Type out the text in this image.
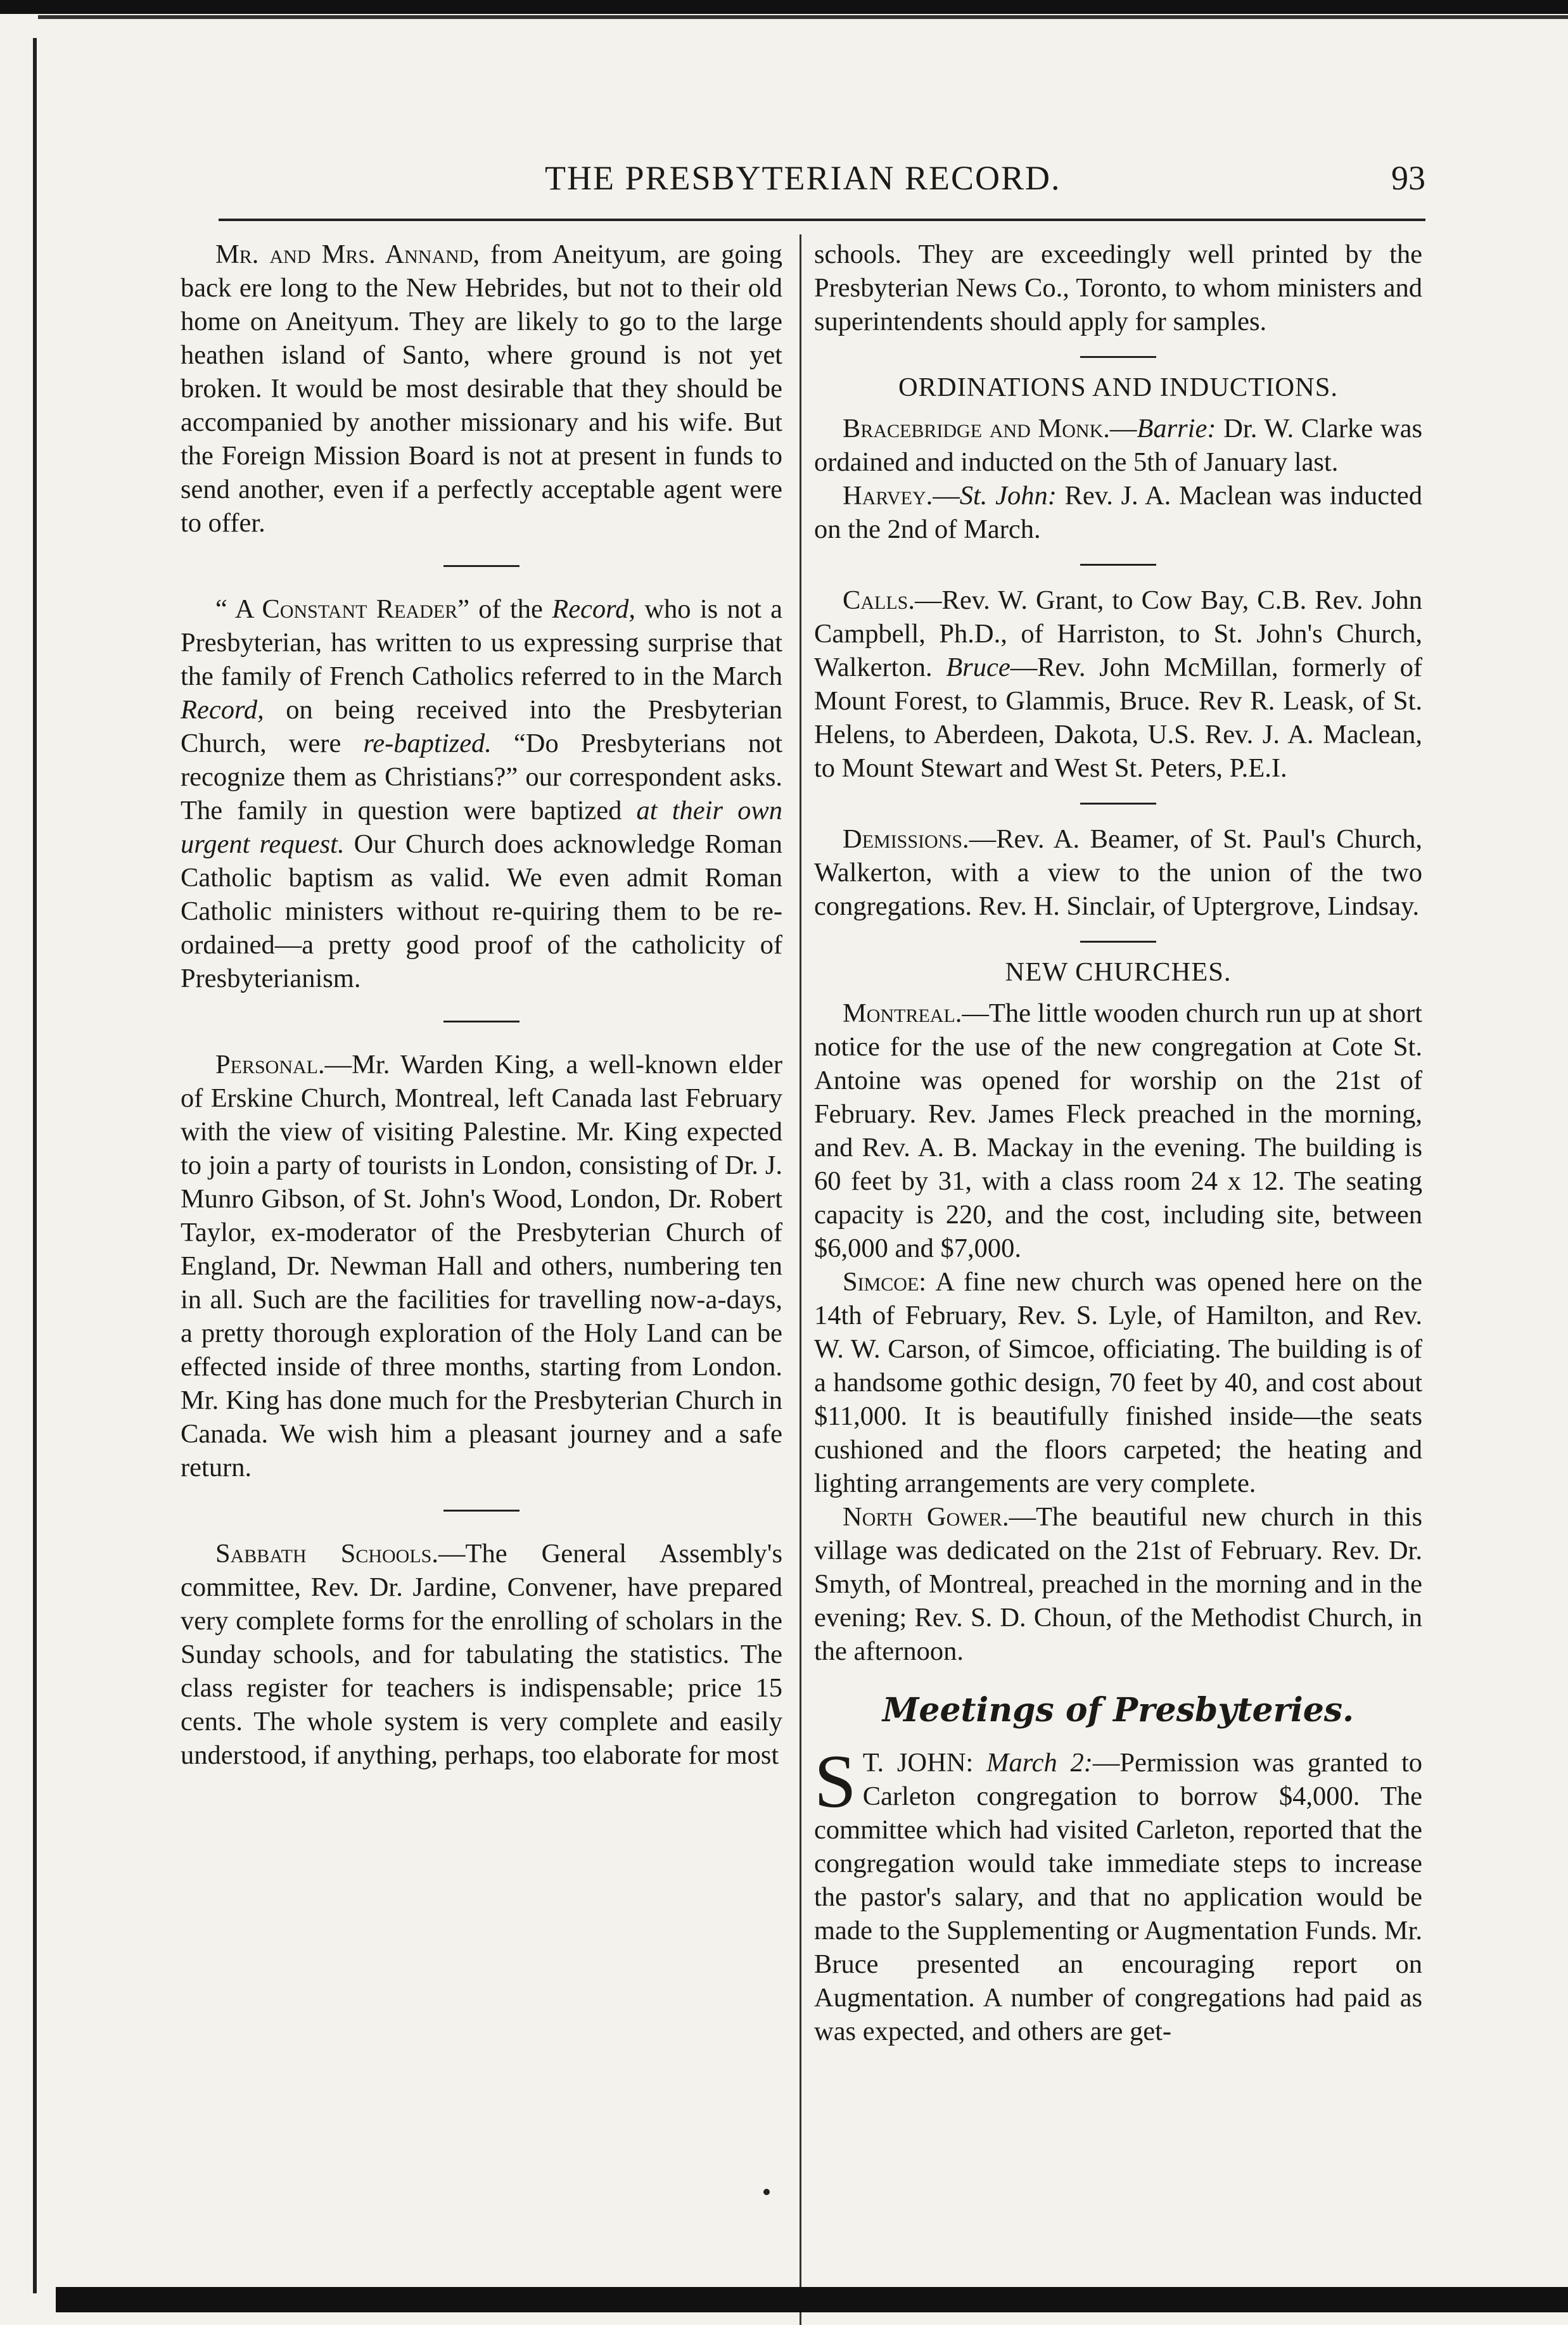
THE PRESBYTERIAN RECORD.	93

Mr. and Mrs. Annand, from Aneityum, are going back ere long to the New Hebrides, but not to their old home on Aneityum. They are likely to go to the large heathen island of Santo, where ground is not yet broken. It would be most desirable that they should be accompanied by another missionary and his wife. But the Foreign Mission Board is not at present in funds to send another, even if a perfectly acceptable agent were to offer.

“ A Constant Reader” of the Record, who is not a Presbyterian, has written to us expressing surprise that the family of French Catholics referred to in the March Record, on being received into the Presbyterian Church, were re-baptized. “Do Presbyterians not recognize them as Christians?” our correspondent asks. The family in question were baptized at their own urgent request. Our Church does acknowledge Roman Catholic baptism as valid. We even admit Roman Catholic ministers without re-quiring them to be re-ordained—a pretty good proof of the catholicity of Presbyterianism.

Personal.—Mr. Warden King, a well-known elder of Erskine Church, Montreal, left Canada last February with the view of visiting Palestine. Mr. King expected to join a party of tourists in London, consisting of Dr. J. Munro Gibson, of St. John's Wood, London, Dr. Robert Taylor, ex-moderator of the Presbyterian Church of England, Dr. Newman Hall and others, numbering ten in all. Such are the facilities for travelling now-a-days, a pretty thorough exploration of the Holy Land can be effected inside of three months, starting from London. Mr. King has done much for the Presbyterian Church in Canada. We wish him a pleasant journey and a safe return.

Sabbath Schools.—The General Assembly's committee, Rev. Dr. Jardine, Convener, have prepared very complete forms for the enrolling of scholars in the Sunday schools, and for tabulating the statistics. The class register for teachers is indispensable; price 15 cents. The whole system is very complete and easily understood, if anything, perhaps, too elaborate for most

schools. They are exceedingly well printed by the Presbyterian News Co., Toronto, to whom ministers and superintendents should apply for samples.

ORDINATIONS AND INDUCTIONS.

Bracebridge and Monk.—Barrie: Dr. W. Clarke was ordained and inducted on the 5th of January last.

Harvey.—St. John: Rev. J. A. Maclean was inducted on the 2nd of March.

Calls.—Rev. W. Grant, to Cow Bay, C.B. Rev. John Campbell, Ph.D., of Harriston, to St. John's Church, Walkerton. Bruce—Rev. John McMillan, formerly of Mount Forest, to Glammis, Bruce. Rev R. Leask, of St. Helens, to Aberdeen, Dakota, U.S. Rev. J. A. Maclean, to Mount Stewart and West St. Peters, P.E.I.

Demissions.—Rev. A. Beamer, of St. Paul's Church, Walkerton, with a view to the union of the two congregations. Rev. H. Sinclair, of Uptergrove, Lindsay.

NEW CHURCHES.

Montreal.—The little wooden church run up at short notice for the use of the new congregation at Cote St. Antoine was opened for worship on the 21st of February. Rev. James Fleck preached in the morning, and Rev. A. B. Mackay in the evening. The building is 60 feet by 31, with a class room 24 x 12. The seating capacity is 220, and the cost, including site, between $6,000 and $7,000.

Simcoe: A fine new church was opened here on the 14th of February, Rev. S. Lyle, of Hamilton, and Rev. W. W. Carson, of Simcoe, officiating. The building is of a handsome gothic design, 70 feet by 40, and cost about $11,000. It is beautifully finished inside—the seats cushioned and the floors carpeted; the heating and lighting arrangements are very complete.

North Gower.—The beautiful new church in this village was dedicated on the 21st of February. Rev. Dr. Smyth, of Montreal, preached in the morning and in the evening; Rev. S. D. Choun, of the Methodist Church, in the afternoon.

Meetings of Presbyteries.

S T. JOHN: March 2:—Permission was granted to Carleton congregation to borrow $4,000. The committee which had visited Carleton, reported that the congregation would take immediate steps to increase the pastor's salary, and that no application would be made to the Supplementing or Augmentation Funds. Mr. Bruce presented an encouraging report on Augmentation. A number of congregations had paid as was expected, and others are get-
